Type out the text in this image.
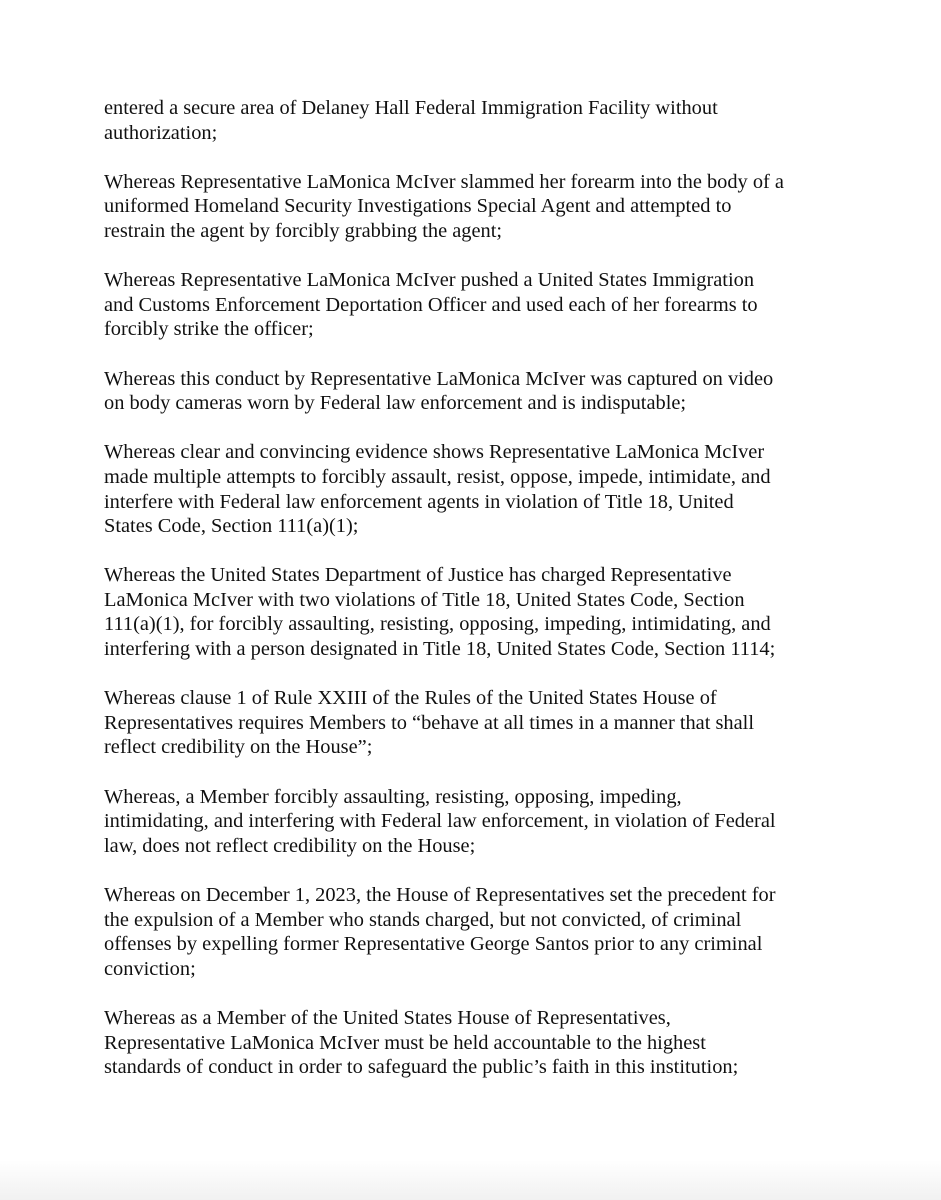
entered a secure area of Delaney Hall Federal Immigration Facility without
authorization;

Whereas Representative LaMonica McIver slammed her forearm into the body of a
uniformed Homeland Security Investigations Special Agent and attempted to
restrain the agent by forcibly grabbing the agent;

Whereas Representative LaMonica McIver pushed a United States Immigration
and Customs Enforcement Deportation Officer and used each of her forearms to
forcibly strike the officer;

Whereas this conduct by Representative LaMonica McIver was captured on video
on body cameras worn by Federal law enforcement and is indisputable;

Whereas clear and convincing evidence shows Representative LaMonica McIver
made multiple attempts to forcibly assault, resist, oppose, impede, intimidate, and
interfere with Federal law enforcement agents in violation of Title 18, United
States Code, Section 111(a)(1);

Whereas the United States Department of Justice has charged Representative
LaMonica McIver with two violations of Title 18, United States Code, Section
111(a)(1), for forcibly assaulting, resisting, opposing, impeding, intimidating, and
interfering with a person designated in Title 18, United States Code, Section 1114;

Whereas clause 1 of Rule XXIII of the Rules of the United States House of
Representatives requires Members to “behave at all times in a manner that shall
reflect credibility on the House”;

Whereas, a Member forcibly assaulting, resisting, opposing, impeding,
intimidating, and interfering with Federal law enforcement, in violation of Federal
law, does not reflect credibility on the House;

Whereas on December 1, 2023, the House of Representatives set the precedent for
the expulsion of a Member who stands charged, but not convicted, of criminal
offenses by expelling former Representative George Santos prior to any criminal
conviction;

Whereas as a Member of the United States House of Representatives,
Representative LaMonica McIver must be held accountable to the highest
standards of conduct in order to safeguard the public’s faith in this institution;
